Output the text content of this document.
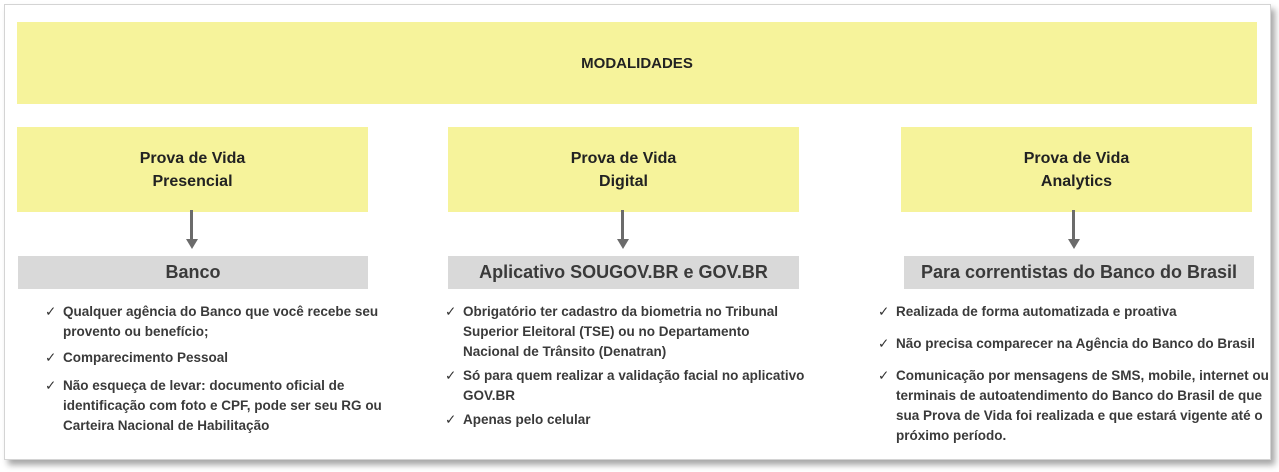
MODALIDADES
Prova de Vida
Presencial
Banco
✓ Qualquer agência do Banco que você recebe seu provento ou benefício;
✓ Comparecimento Pessoal
✓ Não esqueça de levar: documento oficial de identificação com foto e CPF, pode ser seu RG ou Carteira Nacional de Habilitação
Prova de Vida
Digital
Aplicativo SOUGOV.BR e GOV.BR
✓ Obrigatório ter cadastro da biometria no Tribunal Superior Eleitoral (TSE) ou no Departamento Nacional de Trânsito (Denatran)
✓ Só para quem realizar a validação facial no aplicativo GOV.BR
✓ Apenas pelo celular
Prova de Vida
Analytics
Para correntistas do Banco do Brasil
✓ Realizada de forma automatizada e proativa
✓ Não precisa comparecer na Agência do Banco do Brasil
✓ Comunicação por mensagens de SMS, mobile, internet ou terminais de autoatendimento do Banco do Brasil de que sua Prova de Vida foi realizada e que estará vigente até o próximo período.
